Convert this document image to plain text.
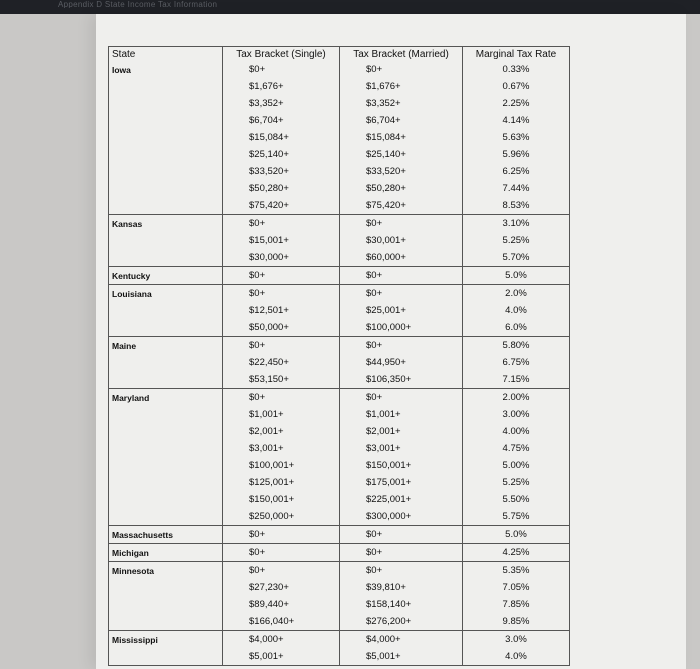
Appendix D State Income Tax Information
State	Tax Bracket (Single)	Tax Bracket (Married)	Marginal Tax Rate
Iowa	$0+	$0+	0.33%
	$1,676+	$1,676+	0.67%
	$3,352+	$3,352+	2.25%
	$6,704+	$6,704+	4.14%
	$15,084+	$15,084+	5.63%
	$25,140+	$25,140+	5.96%
	$33,520+	$33,520+	6.25%
	$50,280+	$50,280+	7.44%
	$75,420+	$75,420+	8.53%
Kansas	$0+	$0+	3.10%
	$15,001+	$30,001+	5.25%
	$30,000+	$60,000+	5.70%
Kentucky	$0+	$0+	5.0%
Louisiana	$0+	$0+	2.0%
	$12,501+	$25,001+	4.0%
	$50,000+	$100,000+	6.0%
Maine	$0+	$0+	5.80%
	$22,450+	$44,950+	6.75%
	$53,150+	$106,350+	7.15%
Maryland	$0+	$0+	2.00%
	$1,001+	$1,001+	3.00%
	$2,001+	$2,001+	4.00%
	$3,001+	$3,001+	4.75%
	$100,001+	$150,001+	5.00%
	$125,001+	$175,001+	5.25%
	$150,001+	$225,001+	5.50%
	$250,000+	$300,000+	5.75%
Massachusetts	$0+	$0+	5.0%
Michigan	$0+	$0+	4.25%
Minnesota	$0+	$0+	5.35%
	$27,230+	$39,810+	7.05%
	$89,440+	$158,140+	7.85%
	$166,040+	$276,200+	9.85%
Mississippi	$4,000+	$4,000+	3.0%
	$5,001+	$5,001+	4.0%
